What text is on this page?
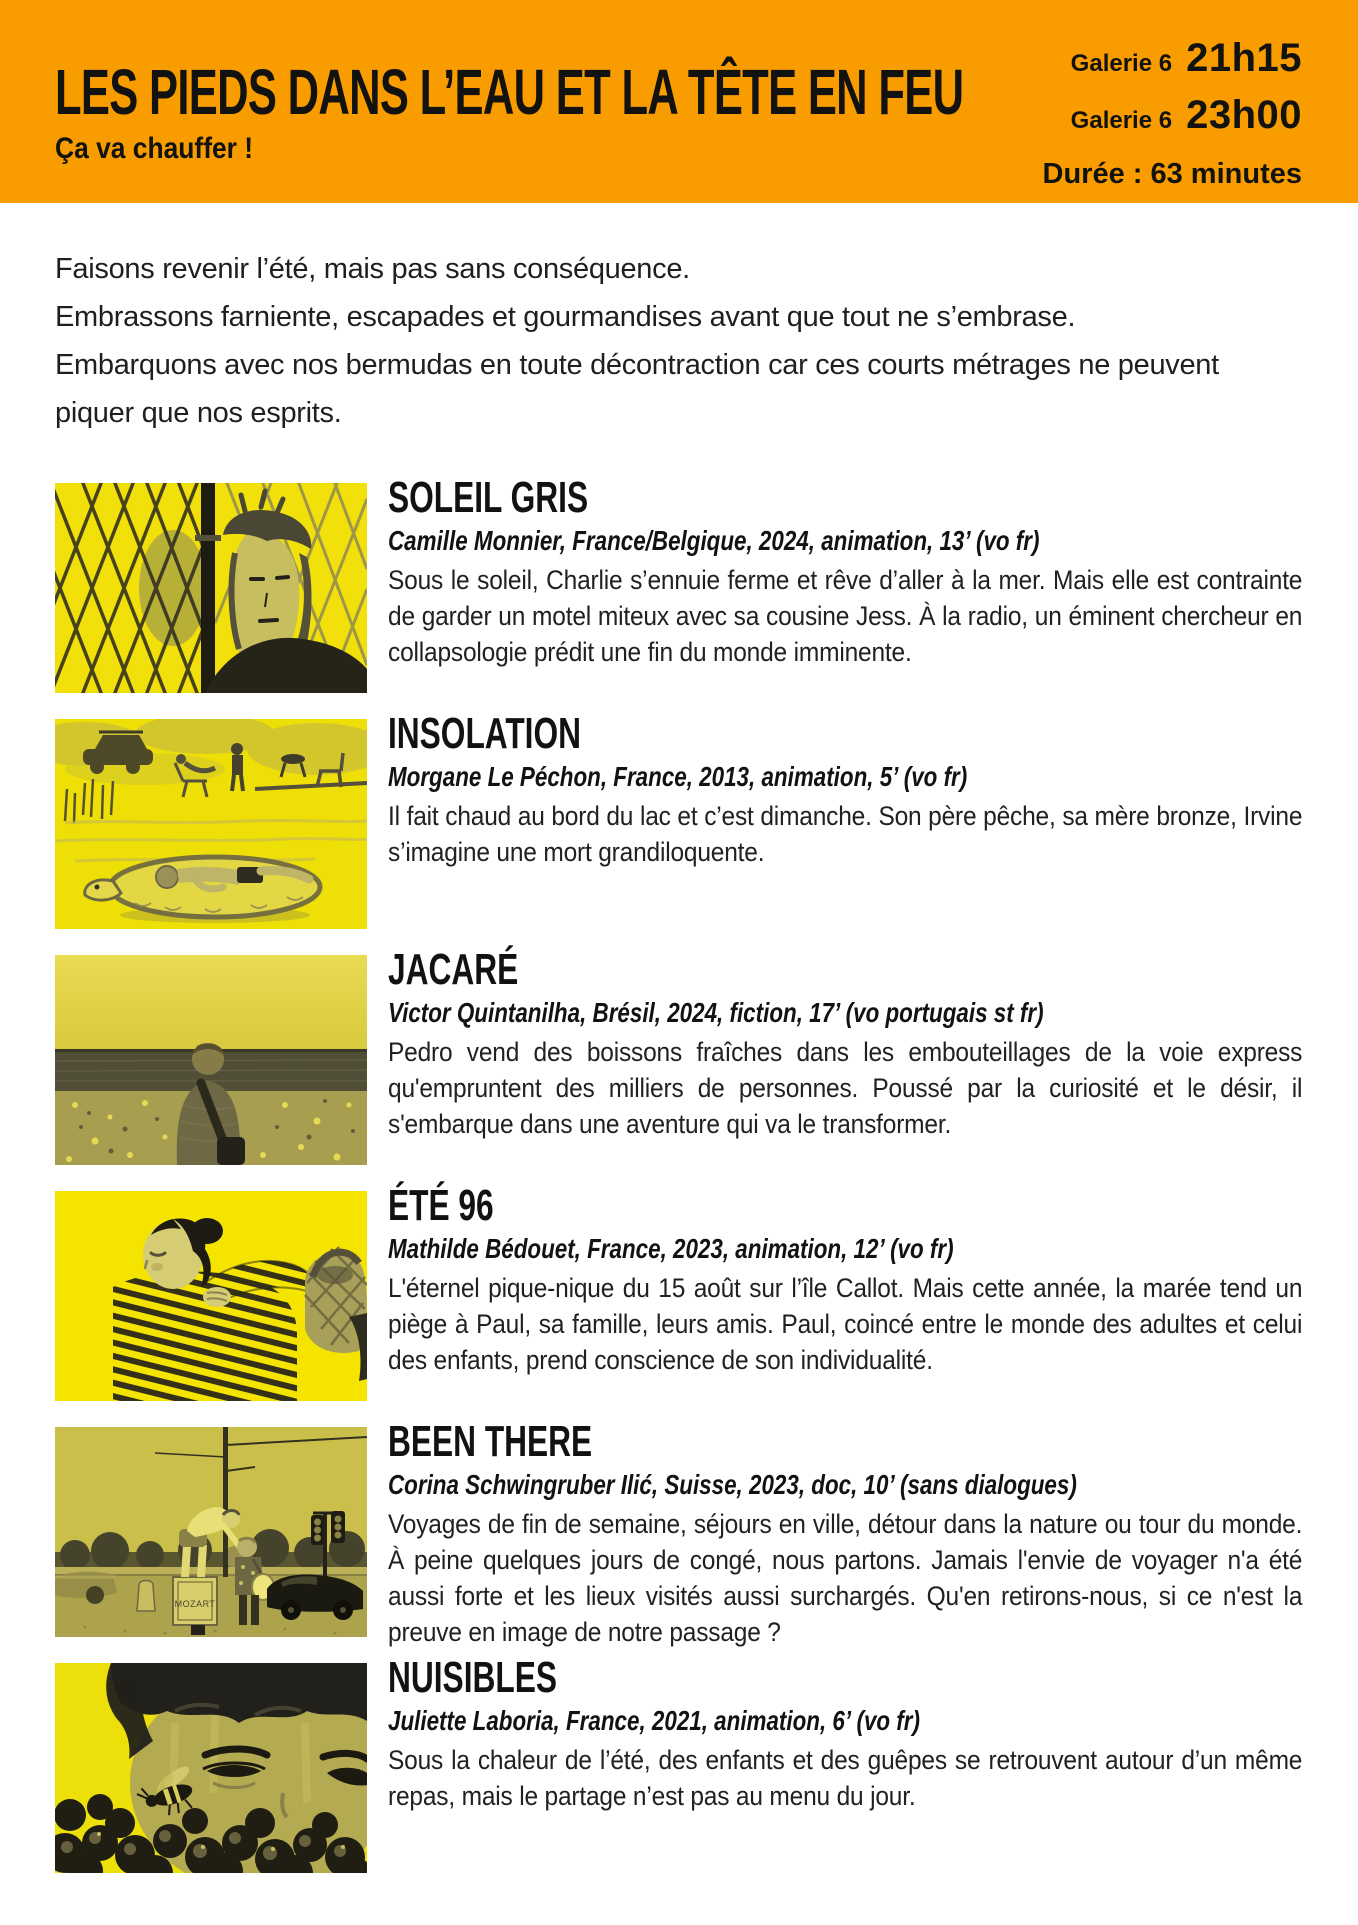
LES PIEDS DANS L’EAU ET LA TÊTE EN FEU
Ça va chauffer !
Galerie 6 21h15
Galerie 6 23h00
Durée : 63 minutes

Faisons revenir l’été, mais pas sans conséquence.

Embrassons farniente, escapades et gourmandises avant que tout ne s’embrase.

Embarquons avec nos bermudas en toute décontraction car ces courts métrages ne peuvent piquer que nos esprits.

SOLEIL GRIS
Camille Monnier, France/Belgique, 2024, animation, 13’ (vo fr)

Sous le soleil, Charlie s’ennuie ferme et rêve d’aller à la mer. Mais elle est contrainte de garder un motel miteux avec sa cousine Jess. À la radio, un éminent chercheur en collapsologie prédit une fin du monde imminente.

INSOLATION
Morgane Le Péchon, France, 2013, animation, 5’ (vo fr)

Il fait chaud au bord du lac et c’est dimanche. Son père pêche, sa mère bronze, Irvine s’imagine une mort grandiloquente.

JACARÉ
Victor Quintanilha, Brésil, 2024, fiction, 17’ (vo portugais st fr)

Pedro vend des boissons fraîches dans les embouteillages de la voie express qu'empruntent des milliers de personnes. Poussé par la curiosité et le désir, il s'embarque dans une aventure qui va le transformer.

ÉTÉ 96
Mathilde Bédouet, France, 2023, animation, 12’ (vo fr)

L'éternel pique-nique du 15 août sur l’île Callot. Mais cette année, la marée tend un piège à Paul, sa famille, leurs amis. Paul, coincé entre le monde des adultes et celui des enfants, prend conscience de son individualité.

MOZART
BEEN THERE
Corina Schwingruber Ilić, Suisse, 2023, doc, 10’ (sans dialogues)

Voyages de fin de semaine, séjours en ville, détour dans la nature ou tour du monde. À peine quelques jours de congé, nous partons. Jamais l'envie de voyager n'a été aussi forte et les lieux visités aussi surchargés. Qu'en retirons-nous, si ce n'est la preuve en image de notre passage ?

NUISIBLES
Juliette Laboria, France, 2021, animation, 6’ (vo fr)

Sous la chaleur de l’été, des enfants et des guêpes se retrouvent autour d’un même repas, mais le partage n’est pas au menu du jour.
